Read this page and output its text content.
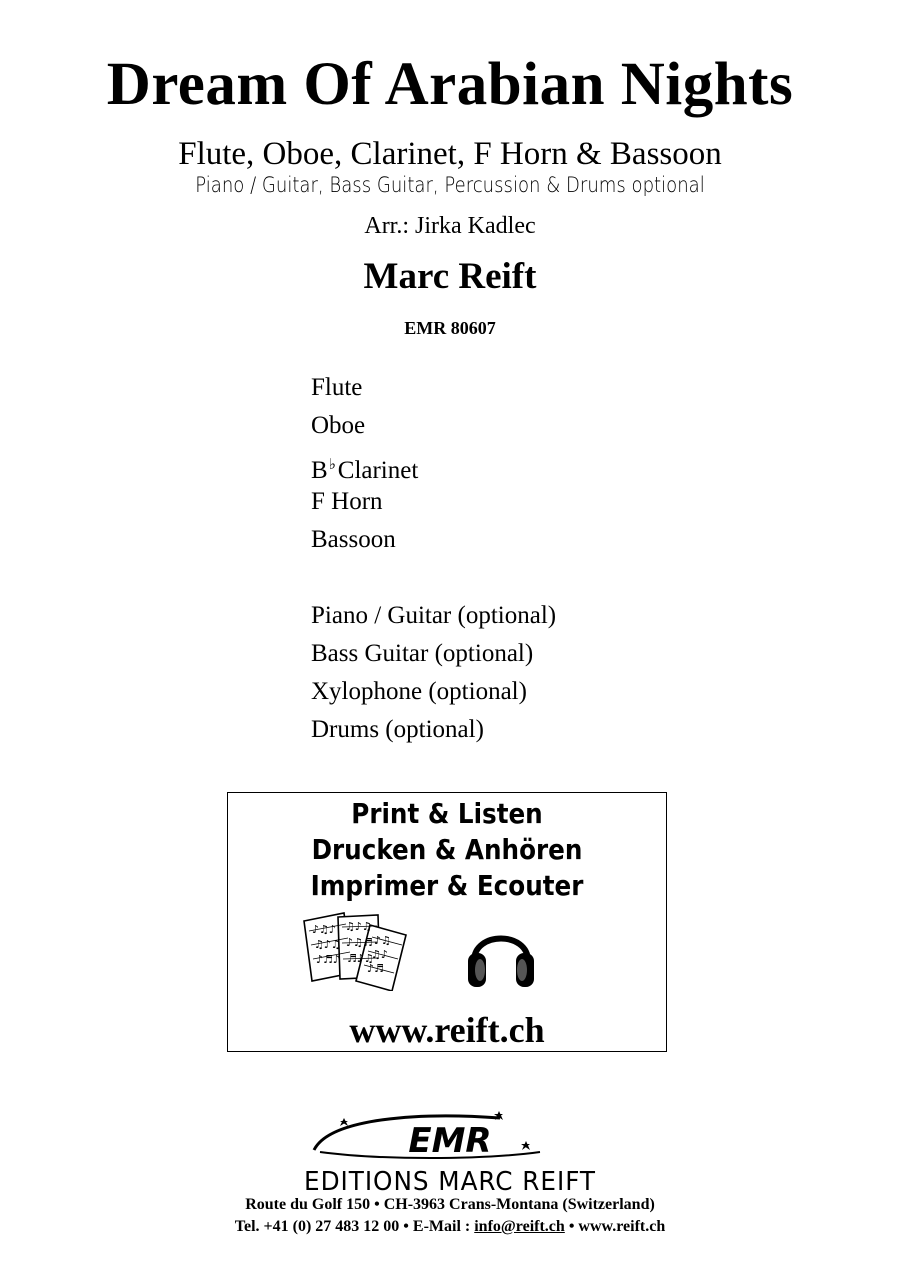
Dream Of Arabian Nights
Flute, Oboe, Clarinet, F Horn & Bassoon
Piano / Guitar, Bass Guitar, Percussion & Drums optional
Arr.: Jirka Kadlec
Marc Reift
EMR 80607
Flute
Oboe
B♭Clarinet
F Horn
Bassoon
Piano / Guitar (optional)
Bass Guitar (optional)
Xylophone (optional)
Drums (optional)
Print & Listen
Drucken & Anhören
Imprimer & Ecouter
♪♫♪
♫♪♫
♪♬♪
♫♪♫
♪♫♬
♬♪♫
♪♫
♫♪
♪♬
www.reift.ch
EMR
EDITIONS MARC REIFT
Route du Golf 150 • CH-3963 Crans-Montana (Switzerland)
Tel. +41 (0) 27 483 12 00 • E-Mail : info@reift.ch • www.reift.ch
